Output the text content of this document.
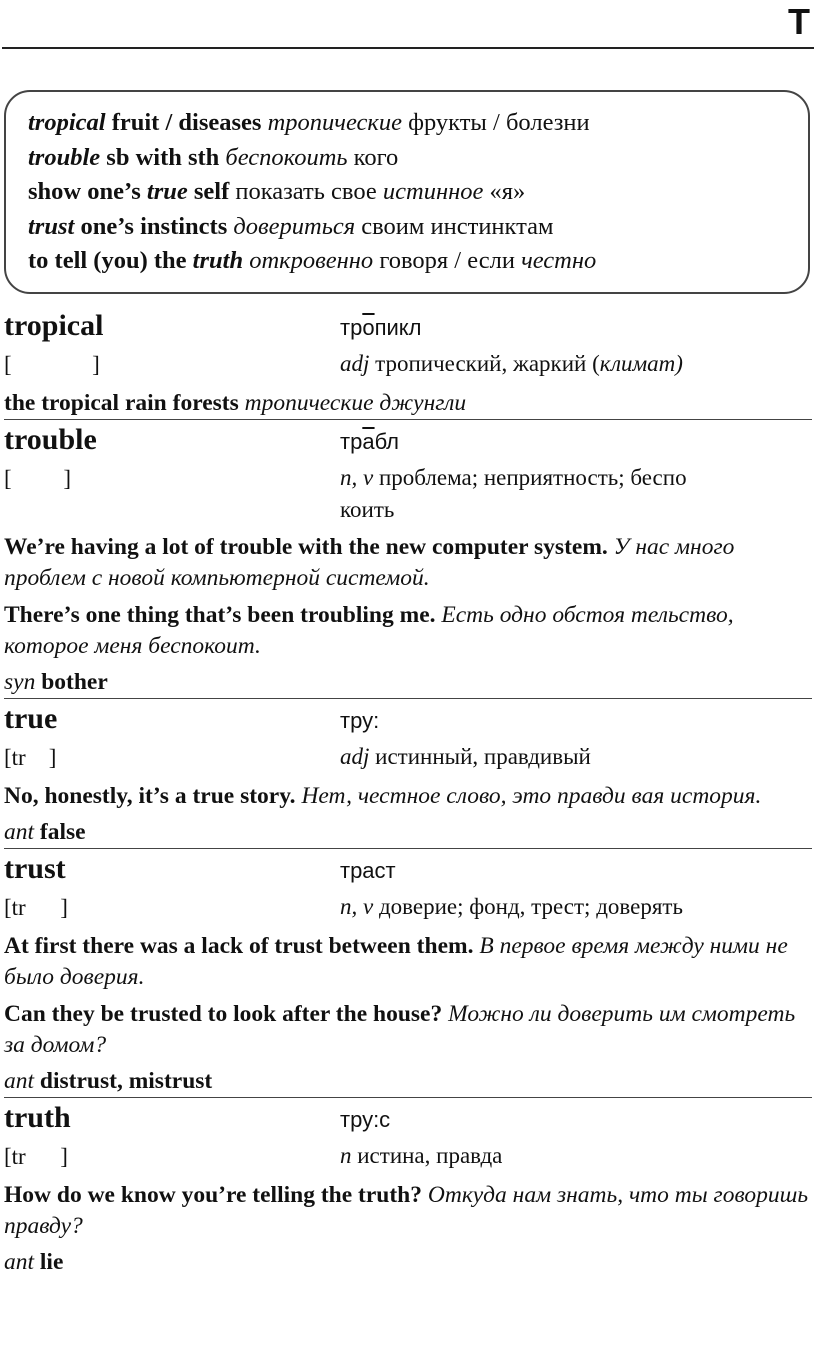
T
tropical fruit / diseases тропические фрукты / болезни
trouble sb with sth беспокоить кого
show one’s true self показать свое истинное «я»
trust one’s instincts довериться своим инстинктам
to tell (you) the truth откровенно говоря / если честно
tropical	тропикл
[              ]	adj тропический, жаркий (климат)
the tropical rain forests тропические джунгли
trouble	трабл
[         ]	n, v проблема; неприятность; беспо
коить
We’re having a lot of trouble with the new computer system. У нас много проблем с новой компьютерной системой.
There’s one thing that’s been troubling me. Есть одно обстоя тельство, которое меня беспокоит.
syn bother
true	тру:
[tr    ]	adj истинный, правдивый
No, honestly, it’s a true story. Нет, честное слово, это правди вая история.
ant false
trust	траст
[tr      ]	n, v доверие; фонд, трест; доверять
At first there was a lack of trust between them. В первое время между ними не было доверия.
Can they be trusted to look after the house? Можно ли доверить им смотреть за домом?
ant distrust, mistrust
truth	тру:с
[tr      ]	n истина, правда
How do we know you’re telling the truth? Откуда нам знать, что ты говоришь правду?
ant lie
